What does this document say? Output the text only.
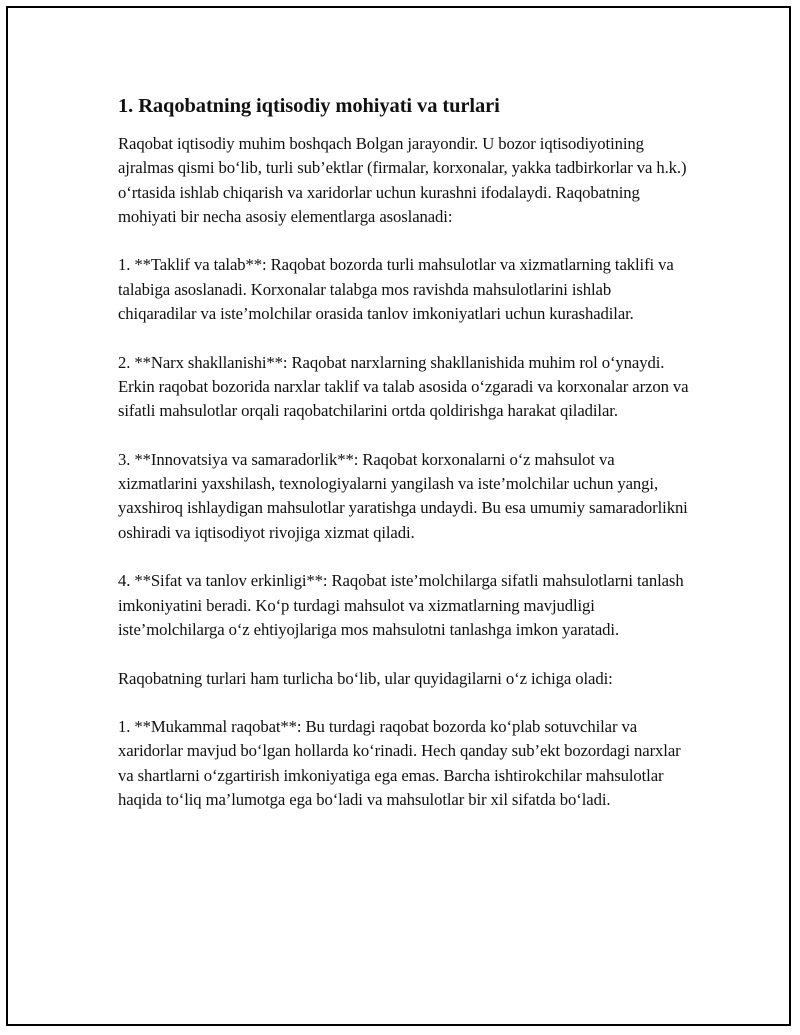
1. Raqobatning iqtisodiy mohiyati va turlari

Raqobat iqtisodiy muhim boshqach Bolgan jarayondir. U bozor iqtisodiyotining ajralmas qismi bo‘lib, turli sub’ektlar (firmalar, korxonalar, yakka tadbirkorlar va h.k.) o‘rtasida ishlab chiqarish va xaridorlar uchun kurashni ifodalaydi. Raqobatning mohiyati bir necha asosiy elementlarga asoslanadi:

1. **Taklif va talab**: Raqobat bozorda turli mahsulotlar va xizmatlarning taklifi va talabiga asoslanadi. Korxonalar talabga mos ravishda mahsulotlarini ishlab chiqaradilar va iste’molchilar orasida tanlov imkoniyatlari uchun kurashadilar.

2. **Narx shakllanishi**: Raqobat narxlarning shakllanishida muhim rol o‘ynaydi. Erkin raqobat bozorida narxlar taklif va talab asosida o‘zgaradi va korxonalar arzon va sifatli mahsulotlar orqali raqobatchilarini ortda qoldirishga harakat qiladilar.

3. **Innovatsiya va samaradorlik**: Raqobat korxonalarni o‘z mahsulot va xizmatlarini yaxshilash, texnologiyalarni yangilash va iste’molchilar uchun yangi, yaxshiroq ishlaydigan mahsulotlar yaratishga undaydi. Bu esa umumiy samaradorlikni oshiradi va iqtisodiyot rivojiga xizmat qiladi.

4. **Sifat va tanlov erkinligi**: Raqobat iste’molchilarga sifatli mahsulotlarni tanlash imkoniyatini beradi. Ko‘p turdagi mahsulot va xizmatlarning mavjudligi iste’molchilarga o‘z ehtiyojlariga mos mahsulotni tanlashga imkon yaratadi.

Raqobatning turlari ham turlicha bo‘lib, ular quyidagilarni o‘z ichiga oladi:

1. **Mukammal raqobat**: Bu turdagi raqobat bozorda ko‘plab sotuvchilar va xaridorlar mavjud bo‘lgan hollarda ko‘rinadi. Hech qanday sub’ekt bozordagi narxlar va shartlarni o‘zgartirish imkoniyatiga ega emas. Barcha ishtirokchilar mahsulotlar haqida to‘liq ma’lumotga ega bo‘ladi va mahsulotlar bir xil sifatda bo‘ladi.
